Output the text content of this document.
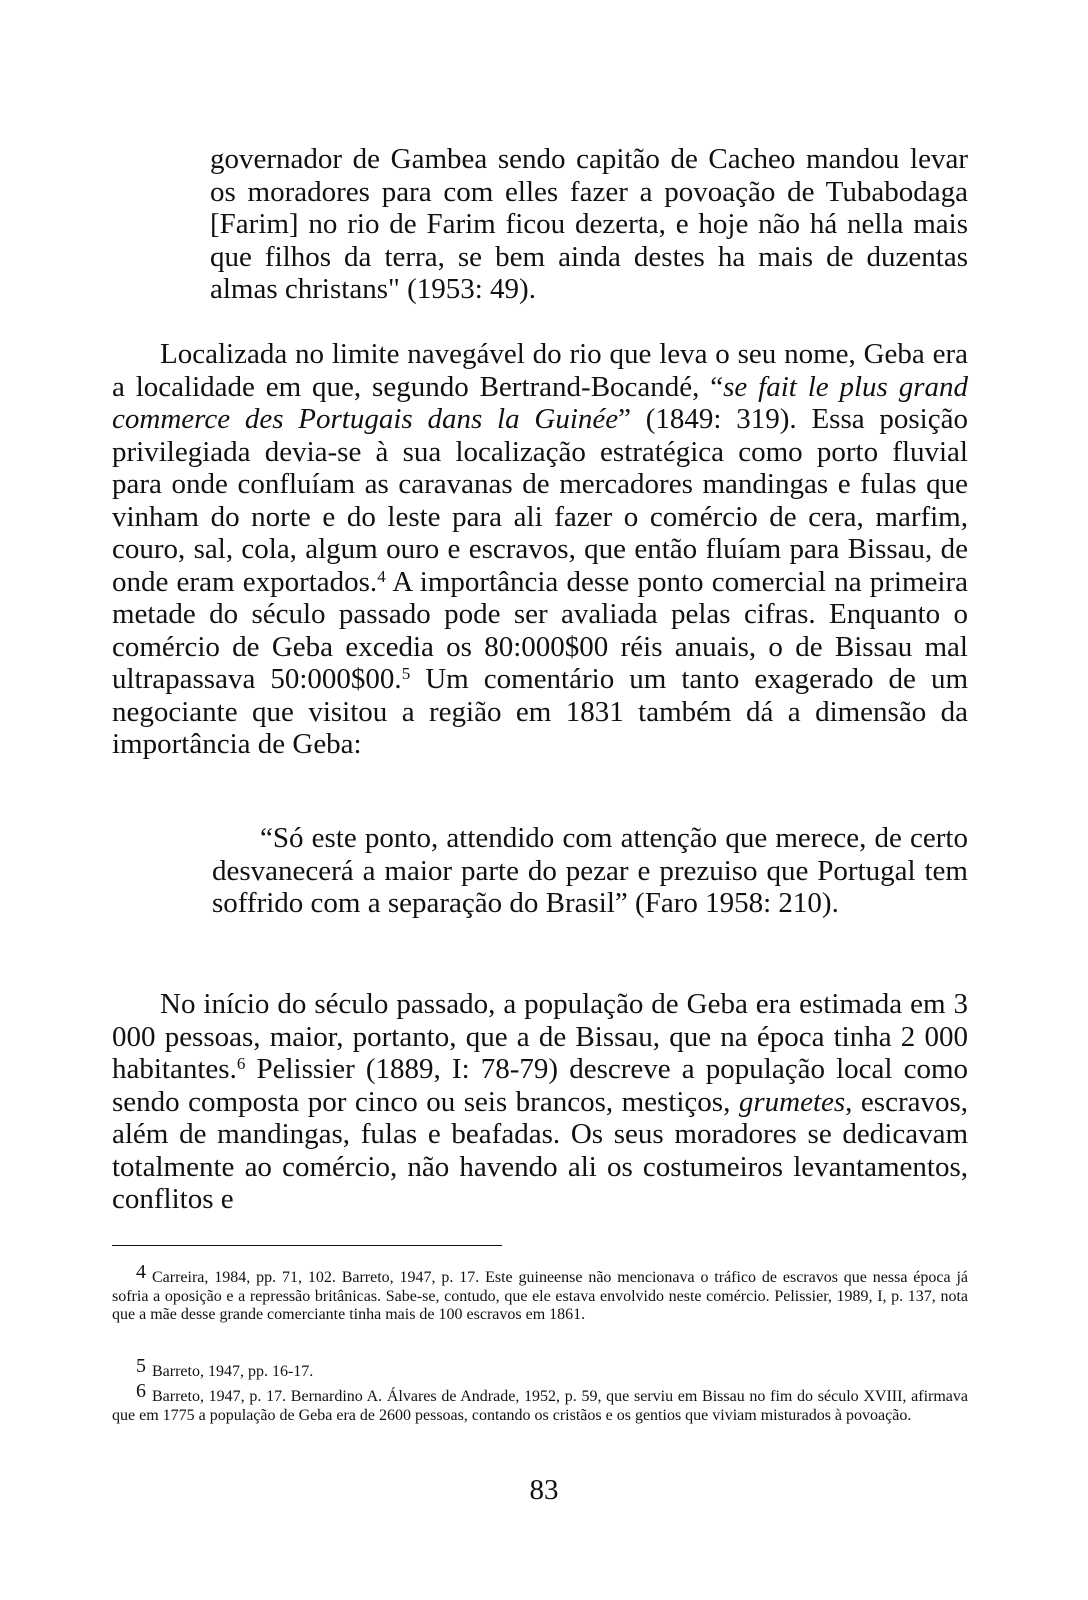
governador de Gambea sendo capitão de Cacheo mandou levar os moradores para com elles fazer a povoação de Tubabodaga [Farim] no rio de Farim ficou dezerta, e hoje não há nella mais que filhos da terra, se bem ainda destes ha mais de duzentas almas christans" (1953: 49).

Localizada no limite navegável do rio que leva o seu nome, Geba era a localidade em que, segundo Bertrand-Bocandé, “se fait le plus grand commerce des Portugais dans la Guinée” (1849: 319). Essa posição privilegiada devia-se à sua localização estratégica como porto fluvial para onde confluíam as caravanas de mercadores mandingas e fulas que vinham do norte e do leste para ali fazer o comércio de cera, marfim, couro, sal, cola, algum ouro e escravos, que então fluíam para Bissau, de onde eram exportados.$^4$ A importância desse ponto comercial na primeira metade do século passado pode ser avaliada pelas cifras. Enquanto o comércio de Geba excedia os 80:000$00 réis anuais, o de Bissau mal ultrapassava 50:000$00.$^5$ Um comentário um tanto exagerado de um negociante que visitou a região em 1831 também dá a dimensão da importância de Geba:

“Só este ponto, attendido com attenção que merece, de certo desvanecerá a maior parte do pezar e prezuiso que Portugal tem soffrido com a separação do Brasil” (Faro 1958: 210).

No início do século passado, a população de Geba era estimada em 3 000 pessoas, maior, portanto, que a de Bissau, que na época tinha 2 000 habitantes.$^6$ Pelissier (1889, I: 78-79) descreve a população local como sendo composta por cinco ou seis brancos, mestiços, grumetes, escravos, além de mandingas, fulas e beafadas. Os seus moradores se dedicavam totalmente ao comércio, não havendo ali os costumeiros levantamentos, conflitos e

4 Carreira, 1984, pp. 71, 102. Barreto, 1947, p. 17. Este guineense não mencionava o tráfico de escravos que nessa época já sofria a oposição e a repressão britânicas. Sabe-se, contudo, que ele estava envolvido neste comércio. Pelissier, 1989, I, p. 137, nota que a mãe desse grande comerciante tinha mais de 100 escravos em 1861.

5 Barreto, 1947, pp. 16-17.

6 Barreto, 1947, p. 17. Bernardino A. Álvares de Andrade, 1952, p. 59, que serviu em Bissau no fim do século XVIII, afirmava que em 1775 a população de Geba era de 2600 pessoas, contando os cristãos e os gentios que viviam misturados à povoação.

83
